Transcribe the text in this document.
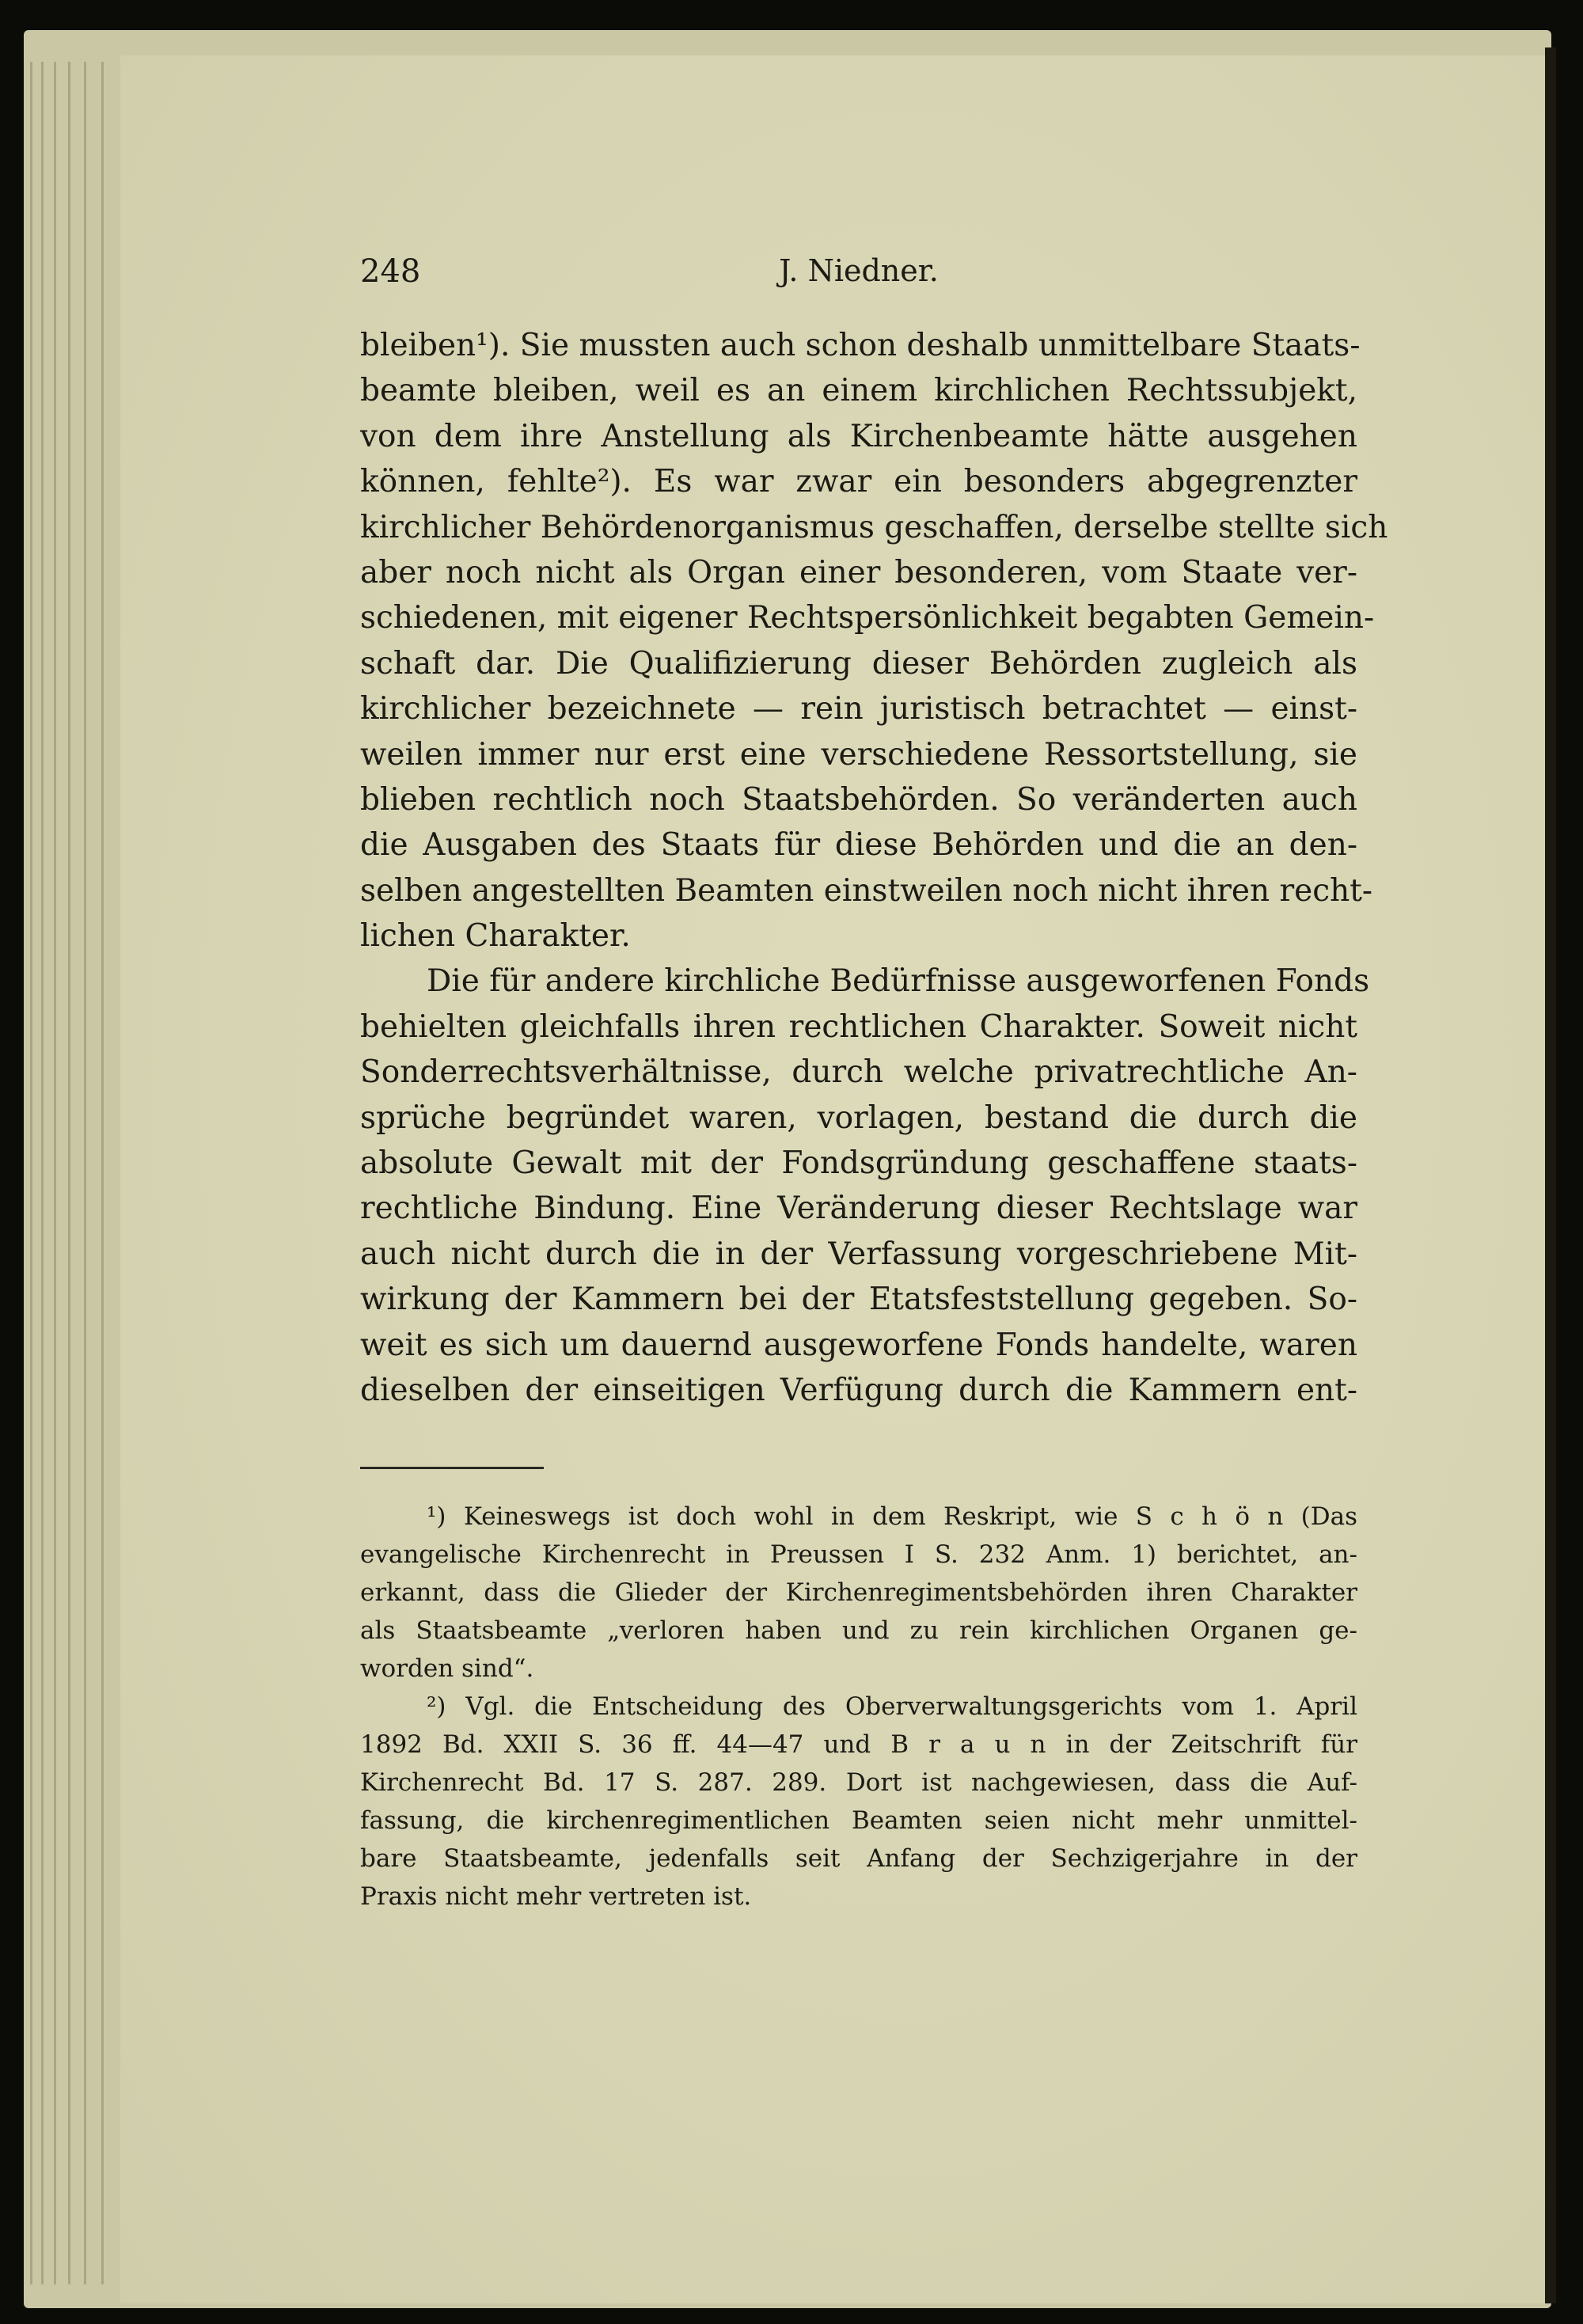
248	J. Niedner.
bleiben¹). Sie mussten auch schon deshalb unmittelbare Staats-
beamte bleiben, weil es an einem kirchlichen Rechtssubjekt,
von dem ihre Anstellung als Kirchenbeamte hätte ausgehen
können, fehlte²). Es war zwar ein besonders abgegrenzter
kirchlicher Behördenorganismus geschaffen, derselbe stellte sich
aber noch nicht als Organ einer besonderen, vom Staate ver-
schiedenen, mit eigener Rechtspersönlichkeit begabten Gemein-
schaft dar. Die Qualifizierung dieser Behörden zugleich als
kirchlicher bezeichnete — rein juristisch betrachtet — einst-
weilen immer nur erst eine verschiedene Ressortstellung, sie
blieben rechtlich noch Staatsbehörden. So veränderten auch
die Ausgaben des Staats für diese Behörden und die an den-
selben angestellten Beamten einstweilen noch nicht ihren recht-
lichen Charakter.
Die für andere kirchliche Bedürfnisse ausgeworfenen Fonds
behielten gleichfalls ihren rechtlichen Charakter. Soweit nicht
Sonderrechtsverhältnisse, durch welche privatrechtliche An-
sprüche begründet waren, vorlagen, bestand die durch die
absolute Gewalt mit der Fondsgründung geschaffene staats-
rechtliche Bindung. Eine Veränderung dieser Rechtslage war
auch nicht durch die in der Verfassung vorgeschriebene Mit-
wirkung der Kammern bei der Etatsfeststellung gegeben. So-
weit es sich um dauernd ausgeworfene Fonds handelte, waren
dieselben der einseitigen Verfügung durch die Kammern ent-
¹) Keineswegs ist doch wohl in dem Reskript, wie S c h ö n (Das
evangelische Kirchenrecht in Preussen I S. 232 Anm. 1) berichtet, an-
erkannt, dass die Glieder der Kirchenregimentsbehörden ihren Charakter
als Staatsbeamte „verloren haben und zu rein kirchlichen Organen ge-
worden sind“.
²) Vgl. die Entscheidung des Oberverwaltungsgerichts vom 1. April
1892 Bd. XXII S. 36 ff. 44—47 und B r a u n in der Zeitschrift für
Kirchenrecht Bd. 17 S. 287. 289. Dort ist nachgewiesen, dass die Auf-
fassung, die kirchenregimentlichen Beamten seien nicht mehr unmittel-
bare Staatsbeamte, jedenfalls seit Anfang der Sechzigerjahre in der
Praxis nicht mehr vertreten ist.
